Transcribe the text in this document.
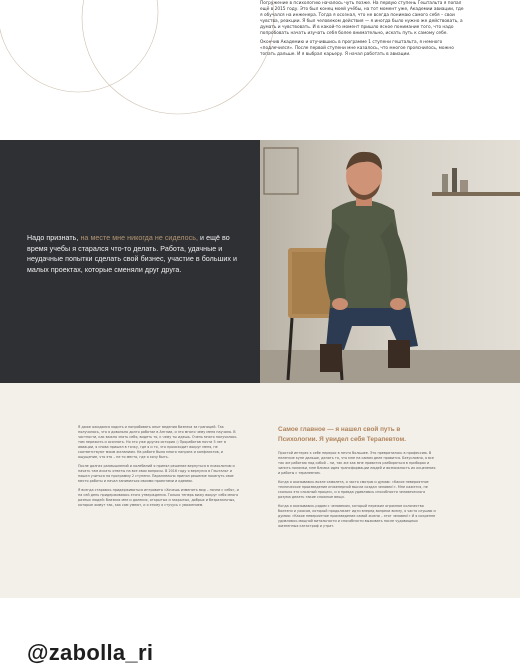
Погружение в психологию началось чуть позже. На первую ступень Гештальта я попал ещё в 2015 году. Это был конец моей учёбы, на тот момент уже, Академии авиации, где я обучался на инженера. Тогда я осознал, что не всегда понимаю самого себя – свои чувства, реакции. Я был человеком действия — я иногда было нужно же действовать, а думать и чувствовать. И в какой-то момент пришло ясное понимание того, что надо попробовать начать изучать себя более внимательно, искать путь к самому себе.

Окончив Академию и отучившись в программе 1 ступени гештальта, я немного «подлечился». После первой ступени мне казалось, что многое прояснилось, можно топать дальше. И я выбрал карьеру. Я начал работать в авиации.

Надо признать, на месте мне никогда не сиделось, и ещё во время учебы я старался что-то делать. Работа, удачные и неудачные попытки сделать свой бизнес, участие в больших и малых проектах, которые сменяли друг друга.

Я даже ожидался ходить и попробовать опыт ведения бизнеса за границей. Так получилось, что я довольно долго работал в Англии, и это много чему меня научило. В частности, как важно знать себя, видеть то, к чему ты идешь. Очень много получилось там пережить и осознать. Но это уже другая история :) Проработав почти 5 лет в авиации, я снова пришел в точку, где я и то, что происходит вокруг меня, не соответствуют моим желаниям. На работе было много напряга и конфликтов, и ощущение, что это – не то место, где я хочу быть.

После долгих размышлений и колебаний я принял решение вернуться в психологию и начать там искать ответы на все свои вопросы. В 2016 году я вернулся в Гештальт и пошел учиться на программу 2 ступени. Параллельно принял решение покинуть свое место работы и начал заниматься своими проектами и идеями.

Я всегда стараюсь придерживаться интровита «Хочешь изменить мир – начни с себя», и на сей день придерживаюсь этого утверждения. Только теперь вижу вокруг себя много разных людей: близких мне и далеких, открытых и закрытых, добрых и безразличных, которые живут так, как сам умеют, и я этому я стучусь с уважением.

Самое главное — я нашел свой путь в Психологии. Я увидел себя Терапевтом.

Простой интерес к себе перерос в нечто большее. Это превратилось в профессию. В нелегкие купе дальше, делать то, что мне на самом деле нравится. Безусловно, я все так же работаю над собой – ни, так же как мне нравится разбираться в приборах и чинить поломки, мне близка идея трансформации людей и возможность их исцеления и работы с терапевтом.

Когда я оказываюсь возле самолета, я часто смотрю и думаю: «Какое невероятное техническое произведение инженерной мысли создал человек!». Мне кажется, не сколько это сложный процесс, и я правда удивляюсь способности человеческого разума делать такие сложные вещи.

Когда я оказываюсь рядом с человеком, который пережил огромное количество болезни и ужасов, который продолжает идти вперед вопреки всему, я часто слушаю и думаю: «Какое невероятное произведение самой жизни – этот человек!» И я искренне удивляюсь мощной витальности и способности выживать после чудовищных жизненных катастроф и утрат.

@zabolla_ri
